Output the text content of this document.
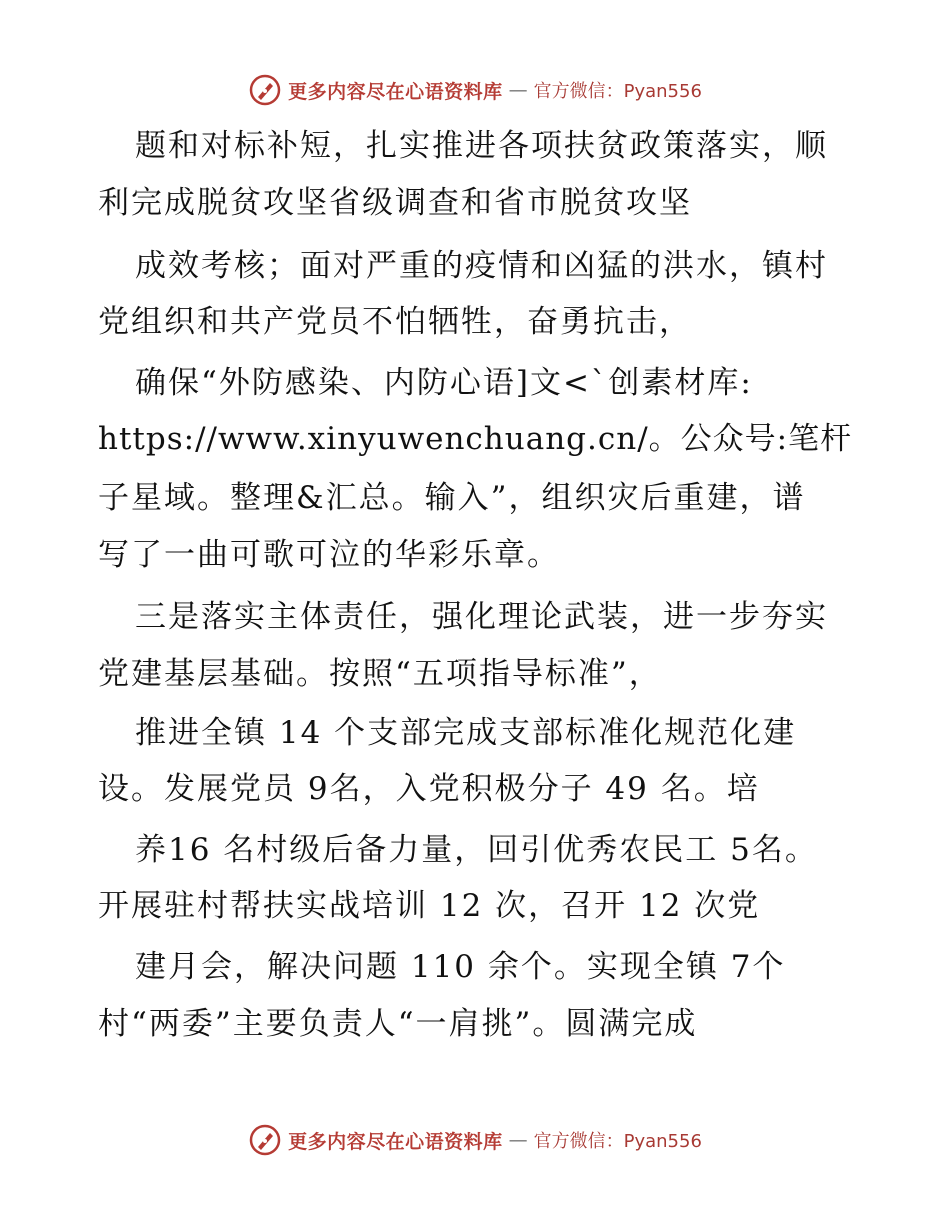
更多内容尽在心语资料库 — 官方微信：Pyan556
题和对标补短，扎实推进各项扶贫政策落实，顺
利完成脱贫攻坚省级调查和省市脱贫攻坚
成效考核；面对严重的疫情和凶猛的洪水，镇村
党组织和共产党员不怕牺牲，奋勇抗击，
确保“外防感染、内防心语]文<`创素材库:
https://www.xinyuwenchuang.cn/。公众号:笔杆
子星域。整理&汇总。输入”，组织灾后重建，谱
写了一曲可歌可泣的华彩乐章。
三是落实主体责任，强化理论武装，进一步夯实
党建基层基础。按照“五项指导标准”，
推进全镇 14 个支部完成支部标准化规范化建
设。发展党员 9名，入党积极分子 49 名。培
养16 名村级后备力量，回引优秀农民工 5名。
开展驻村帮扶实战培训 12 次，召开 12 次党
建月会，解决问题 110 余个。实现全镇 7个
村“两委”主要负责人“一肩挑”。圆满完成
更多内容尽在心语资料库 — 官方微信：Pyan556
